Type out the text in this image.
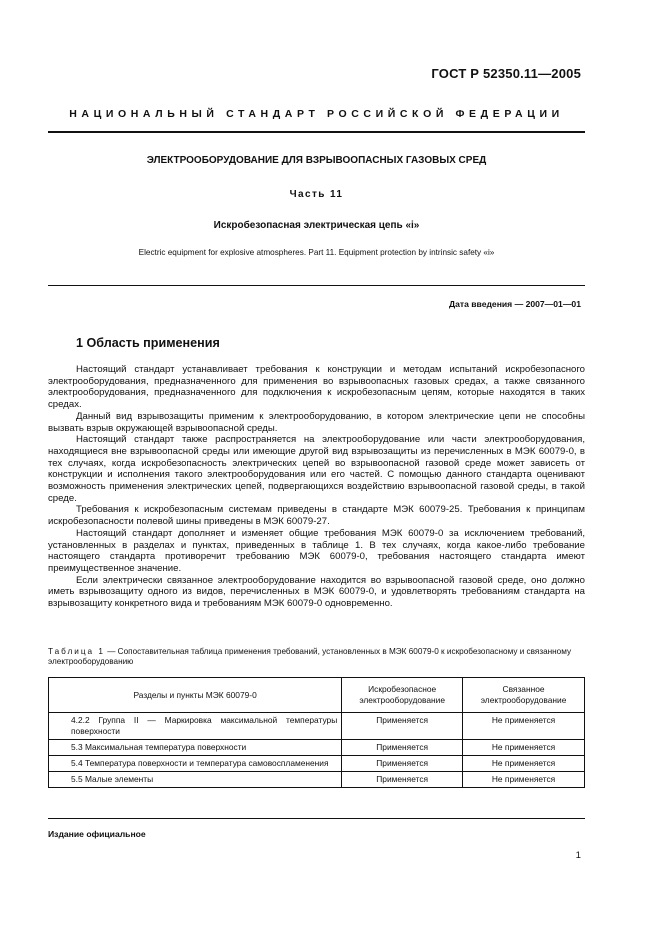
ГОСТ Р 52350.11—2005
НАЦИОНАЛЬНЫЙ СТАНДАРТ РОССИЙСКОЙ ФЕДЕРАЦИИ
ЭЛЕКТРООБОРУДОВАНИЕ ДЛЯ ВЗРЫВООПАСНЫХ ГАЗОВЫХ СРЕД
Часть 11
Искробезопасная электрическая цепь «i»
Electric equipment for explosive atmospheres. Part 11. Equipment protection by intrinsic safety «i»
Дата введения — 2007—01—01
1 Область применения

Настоящий стандарт устанавливает требования к конструкции и методам испытаний искробезопасного электрооборудования, предназначенного для применения во взрывоопасных газовых средах, а также связанного электрооборудования, предназначенного для подключения к искробезопасным цепям, которые находятся в таких средах.

Данный вид взрывозащиты применим к электрооборудованию, в котором электрические цепи не способны вызвать взрыв окружающей взрывоопасной среды.

Настоящий стандарт также распространяется на электрооборудование или части электрооборудования, находящиеся вне взрывоопасной среды или имеющие другой вид взрывозащиты из перечисленных в МЭК 60079-0, в тех случаях, когда искробезопасность электрических цепей во взрывоопасной газовой среде может зависеть от конструкции и исполнения такого электрооборудования или его частей. С помощью данного стандарта оценивают возможность применения электрических цепей, подвергающихся воздействию взрывоопасной газовой среды, в такой среде.

Требования к искробезопасным системам приведены в стандарте МЭК 60079-25. Требования к принципам искробезопасности полевой шины приведены в МЭК 60079-27.

Настоящий стандарт дополняет и изменяет общие требования МЭК 60079-0 за исключением требований, установленных в разделах и пунктах, приведенных в таблице 1. В тех случаях, когда какое-либо требование настоящего стандарта противоречит требованию МЭК 60079-0, требования настоящего стандарта имеют преимущественное значение.

Если электрически связанное электрооборудование находится во взрывоопасной газовой среде, оно должно иметь взрывозащиту одного из видов, перечисленных в МЭК 60079-0, и удовлетворять требованиям стандарта на взрывозащиту конкретного вида и требованиям МЭК 60079-0 одновременно.

Таблица 1 — Сопоставительная таблица применения требований, установленных в МЭК 60079-0 к искробезопасному и связанному электрооборудованию
Разделы и пункты МЭК 60079-0	Искробезопасное электрооборудование	Связанное электрооборудование

4.2.2 Группа II — Маркировка максимальной температуры поверхности	Применяется	Не применяется

5.3 Максимальная температура поверхности	Применяется	Не применяется

5.4 Температура поверхности и температура самовоспламенения	Применяется	Не применяется

5.5 Малые элементы	Применяется	Не применяется
Издание официальное
1
